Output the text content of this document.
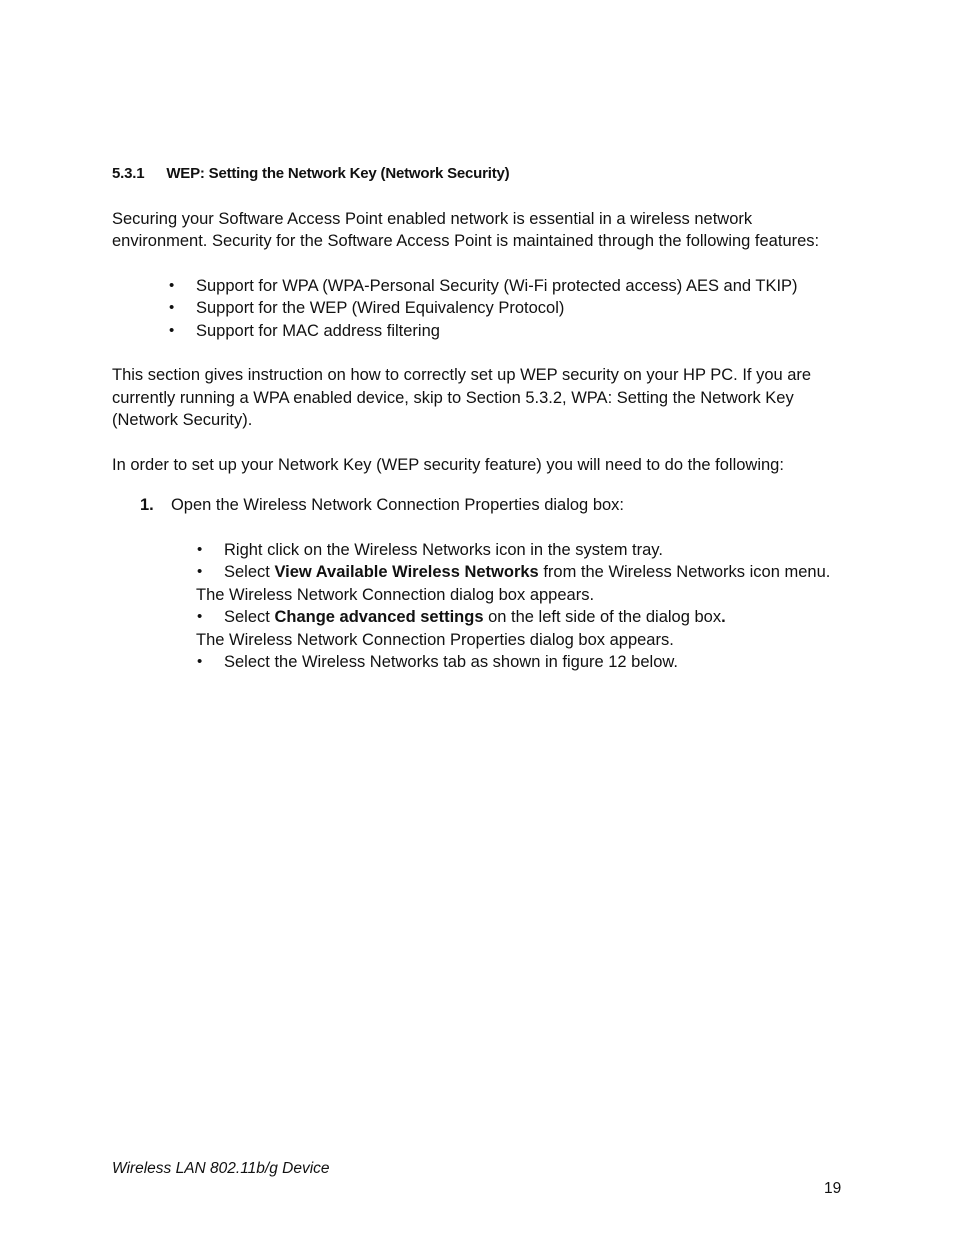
5.3.1 WEP: Setting the Network Key (Network Security)
Securing your Software Access Point enabled network is essential in a wireless network
environment. Security for the Software Access Point is maintained through the following features:
• Support for WPA (WPA-Personal Security (Wi-Fi protected access) AES and TKIP)
• Support for the WEP (Wired Equivalency Protocol)
• Support for MAC address filtering
This section gives instruction on how to correctly set up WEP security on your HP PC. If you are
currently running a WPA enabled device, skip to Section 5.3.2, WPA: Setting the Network Key
(Network Security).
In order to set up your Network Key (WEP security feature) you will need to do the following:
1. Open the Wireless Network Connection Properties dialog box:
• Right click on the Wireless Networks icon in the system tray.
• Select View Available Wireless Networks from the Wireless Networks icon menu.
The Wireless Network Connection dialog box appears.
• Select Change advanced settings on the left side of the dialog box.
The Wireless Network Connection Properties dialog box appears.
• Select the Wireless Networks tab as shown in figure 12 below.
Wireless LAN 802.11b/g Device
19
